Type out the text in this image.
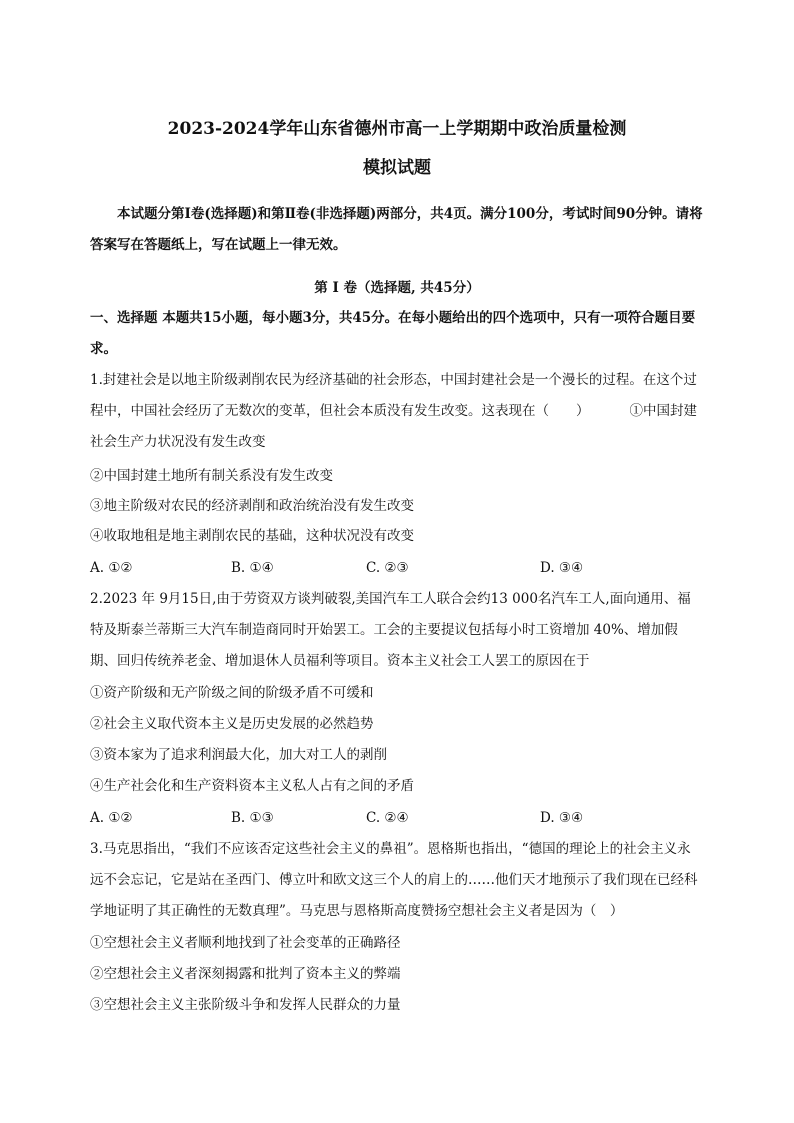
2023-2024学年山东省德州市高一上学期期中政治质量检测
模拟试题
本试题分第Ⅰ卷(选择题)和第Ⅱ卷(非选择题)两部分，共4页。满分100分，考试时间90分钟。请将答案写在答题纸上，写在试题上一律无效。
第 Ⅰ 卷（选择题, 共45分）
一、选择题 本题共15小题，每小题3分，共45分。在每小题给出的四个选项中，只有一项符合题目要求。
1.封建社会是以地主阶级剥削农民为经济基础的社会形态，中国封建社会是一个漫长的过程。在这个过程中，中国社会经历了无数次的变革，但社会本质没有发生改变。这表现在（　　）	①中国封建社会生产力状况没有发生改变
②中国封建土地所有制关系没有发生改变
③地主阶级对农民的经济剥削和政治统治没有发生改变
④收取地租是地主剥削农民的基础，这种状况没有改变
A. ①②	B. ①④	C. ②③	D. ③④
2.2023 年 9月15日,由于劳资双方谈判破裂,美国汽车工人联合会约13 000名汽车工人,面向通用、福特及斯泰兰蒂斯三大汽车制造商同时开始罢工。工会的主要提议包括每小时工资增加 40%、增加假期、回归传统养老金、增加退休人员福利等项目。资本主义社会工人罢工的原因在于
①资产阶级和无产阶级之间的阶级矛盾不可缓和
②社会主义取代资本主义是历史发展的必然趋势
③资本家为了追求利润最大化，加大对工人的剥削
④生产社会化和生产资料资本主义私人占有之间的矛盾
A. ①②	B. ①③	C. ②④	D. ③④
3.马克思指出，“我们不应该否定这些社会主义的鼻祖”。恩格斯也指出，“德国的理论上的社会主义永远不会忘记，它是站在圣西门、傅立叶和欧文这三个人的肩上的……他们天才地预示了我们现在已经科学地证明了其正确性的无数真理”。马克思与恩格斯高度赞扬空想社会主义者是因为（　）
①空想社会主义者顺利地找到了社会变革的正确路径
②空想社会主义者深刻揭露和批判了资本主义的弊端
③空想社会主义主张阶级斗争和发挥人民群众的力量
